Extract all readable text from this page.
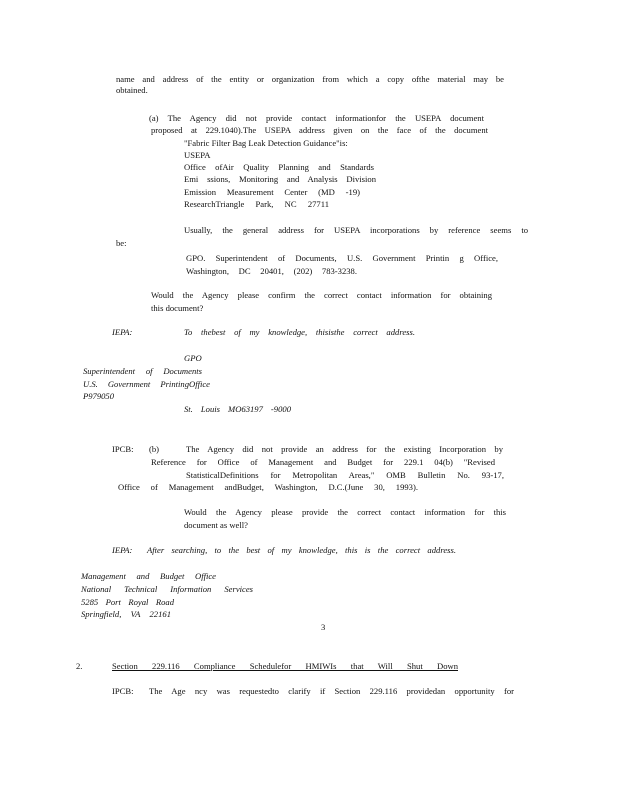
name and address of the entity or organization from which a copy ofthe material may be
obtained.
(a) The Agency did not provide contact informationfor the USEPA document
proposed at 229.1040).The USEPA address given on the face of the document
"Fabric Filter Bag Leak Detection Guidance"is:
USEPA
Office ofAir Quality Planning and Standards
Emi ssions, Monitoring and Analysis Division
Emission Measurement Center (MD -19)
ResearchTriangle Park, NC 27711
Usually, the general address for USEPA incorporations by reference seems to
be:
GPO. Superintendent of Documents, U.S. Government Printin g Office,
Washington, DC 20401, (202) 783-3238.
Would the Agency please confirm the correct contact information for obtaining
this document?
IEPA:	To thebest of my knowledge, thisisthe correct address.
GPO
Superintendent of Documents
U.S. Government PrintingOffice
P979050
St. Louis MO63197 -9000
IPCB: (b)	The Agency did not provide an address for the existing Incorporation by
Reference for Office of Management and Budget for 229.1 04(b) "Revised
StatisticalDefinitions for Metropolitan Areas," OMB Bulletin No. 93-17,
Office of Management andBudget, Washington, D.C.(June 30, 1993).
Would the Agency please provide the correct contact information for this
document as well?
IEPA: After searching, to the best of my knowledge, this is the correct address.
Management and Budget Office
National Technical Information Services
5285 Port Royal Road
Springfield, VA 22161
3
2.	Section 229.116 Compliance Schedulefor HMIWIs that Will Shut Down
IPCB: The Age ncy was requestedto clarify if Section 229.116 providedan opportunity for
